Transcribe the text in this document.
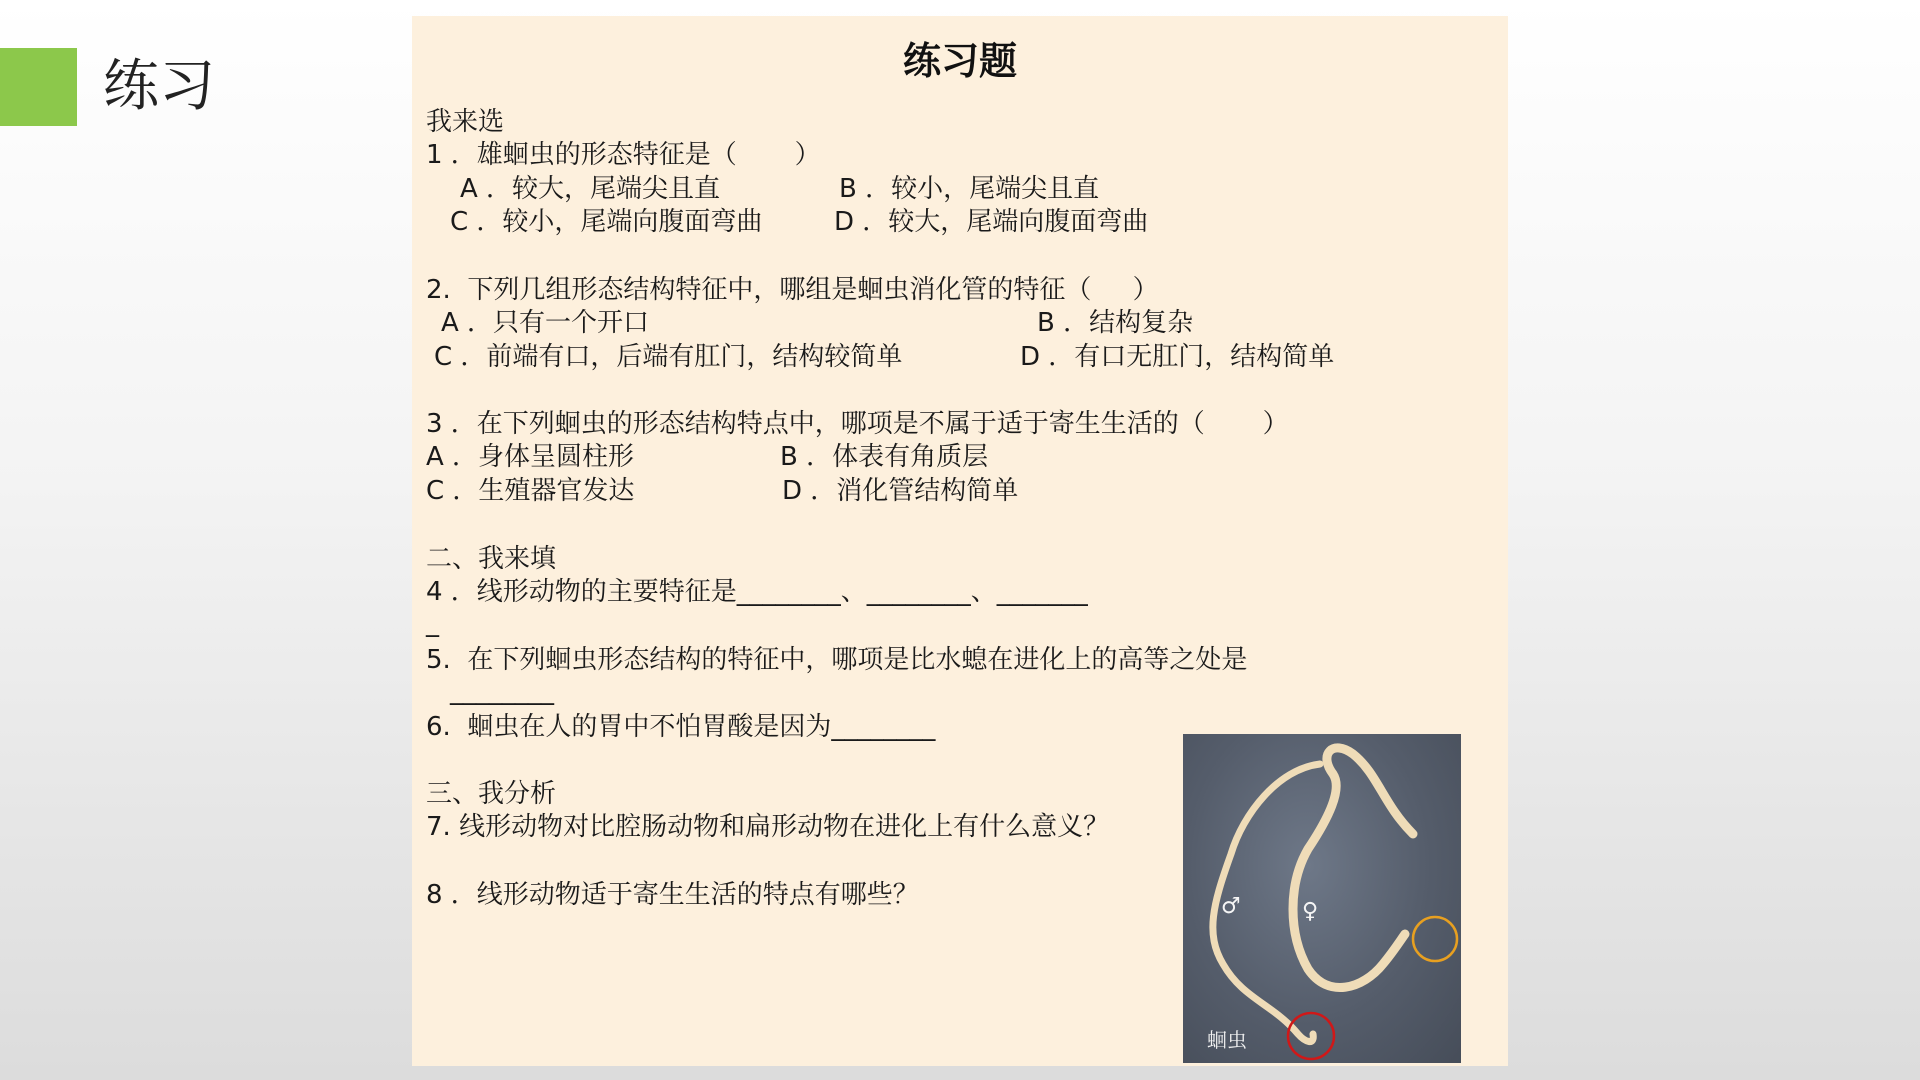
练习	练习题
我来选
1 ．雄蛔虫的形态特征是（       ）
A ．较大，尾端尖且直	B ．较小，尾端尖且直
C ．较小，尾端向腹面弯曲	D ．较大，尾端向腹面弯曲
2.  下列几组形态结构特征中，哪组是蛔虫消化管的特征（     ）
A ．只有一个开口	B ．结构复杂
C ．前端有口，后端有肛门，结构较简单	D ．有口无肛门，结构简单
3 ．在下列蛔虫的形态结构特点中，哪项是不属于适于寄生生活的（       ）
A ．身体呈圆柱形	B ．体表有角质层
C ．生殖器官发达	D ．消化管结构简单
二、我来填
4 ．线形动物的主要特征是________、________、_______
_
5.  在下列蛔虫形态结构的特征中，哪项是比水螅在进化上的高等之处是
________
6.  蛔虫在人的胃中不怕胃酸是因为________
三、我分析
7. 线形动物对比腔肠动物和扁形动物在进化上有什么意义？
8 ．线形动物适于寄生生活的特点有哪些？	♂	♀
蛔虫
